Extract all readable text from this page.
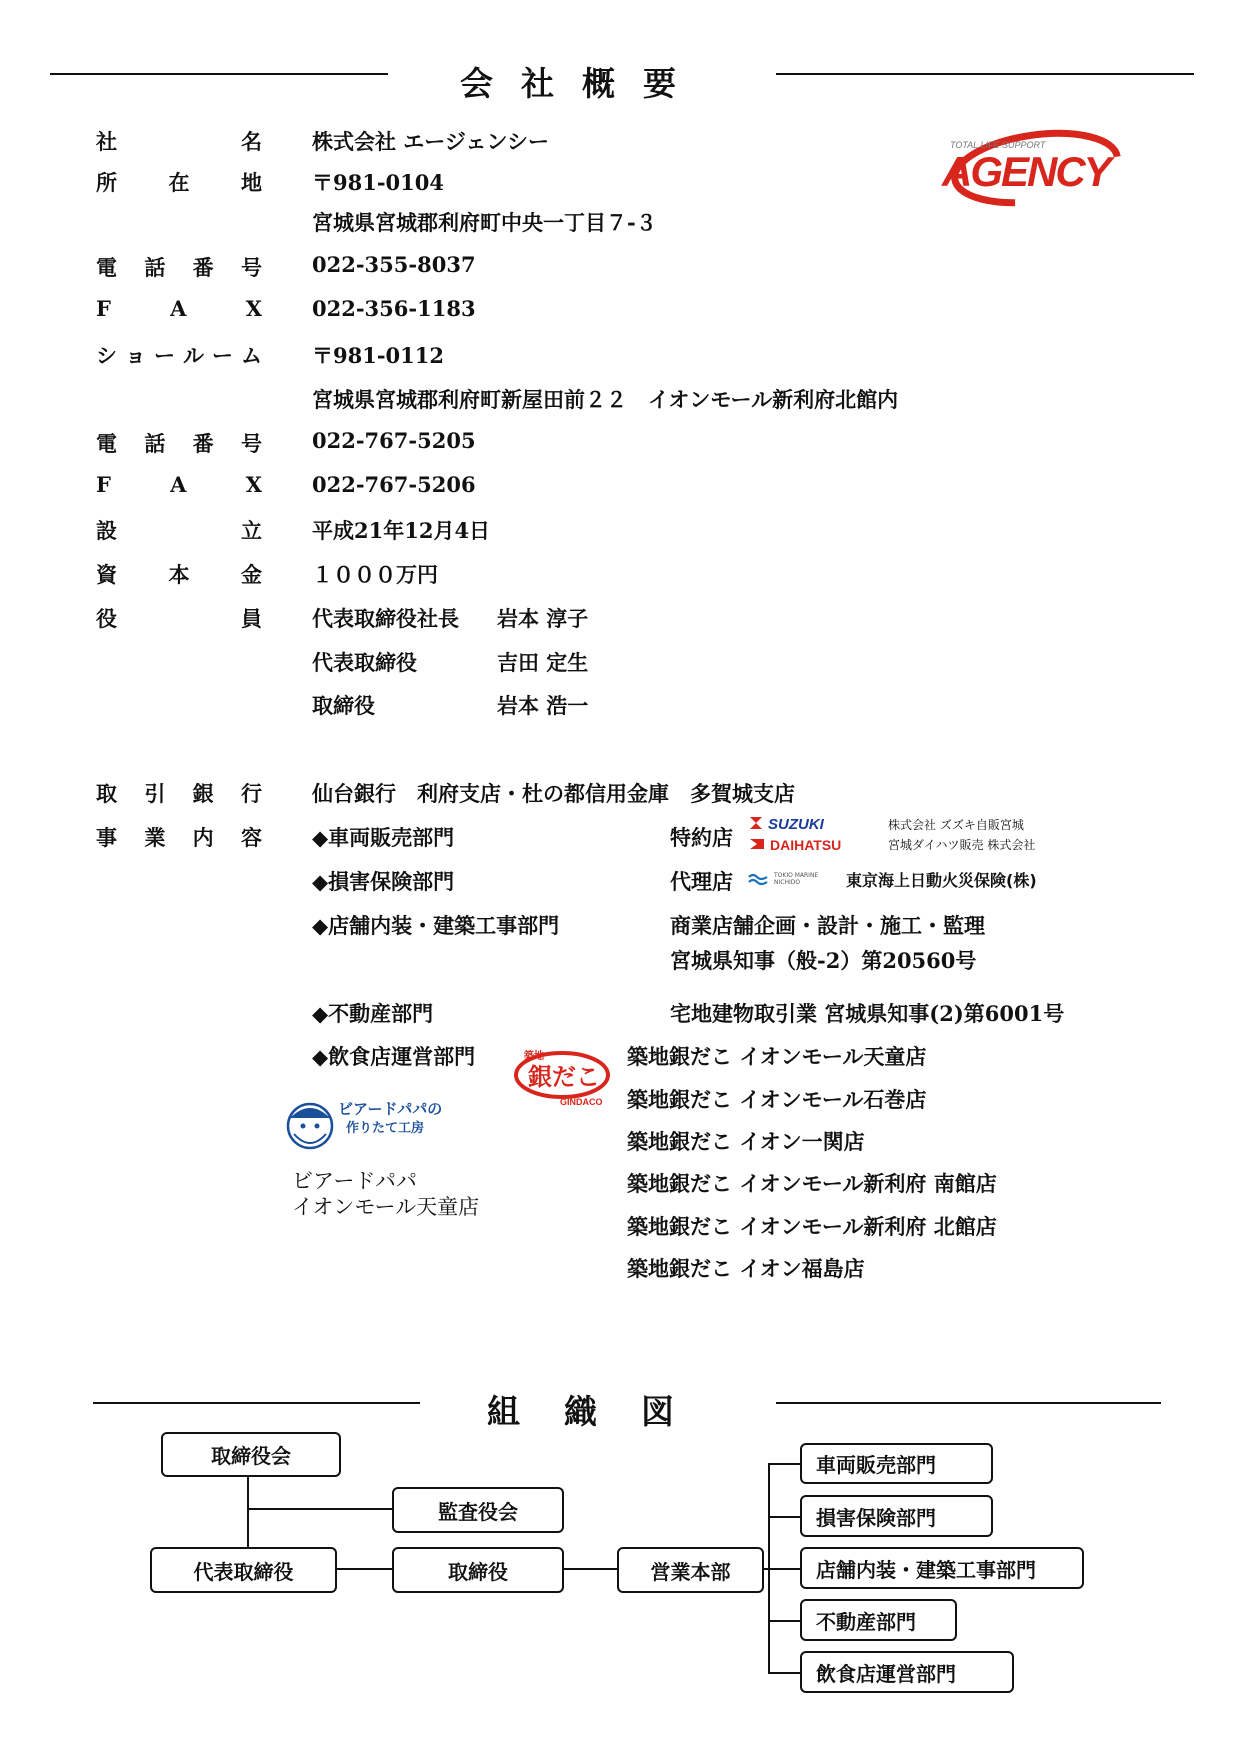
会社概要
TOTAL LIFE SUPPORT
AGENCY
社	名 株式会社 エージェンシー
所 在 地 〒981-0104
宮城県宮城郡利府町中央一丁目７-３
電 話 番 号 022-355-8037
F	A	X 022-356-1183
シ ョ ー ル ー ム 〒981-0112
宮城県宮城郡利府町新屋田前２２　イオンモール新利府北館内
電 話 番 号 022-767-5205
F	A	X 022-767-5206
設	立 平成21年12月4日
資 本 金 １０００万円
役	員 代表取締役社長 岩本 淳子
代表取締役	吉田 定生
取締役	岩本 浩一
取 引 銀 行 仙台銀行　利府支店・杜の都信用金庫　多賀城支店
事 業 内 容 ◆車両販売部門	特約店
SUZUKI	株式会社 ズズキ自販宮城
DAIHATSU	宮城ダイハツ販売 株式会社
◆損害保険部門	代理店	TOKIO MARINE NICHIDO	東京海上日動火災保険(株)
◆店舗内装・建築工事部門	商業店舗企画・設計・施工・監理
宮城県知事（般-2）第20560号
◆不動産部門	宅地建物取引業 宮城県知事(2)第6001号
◆飲食店運営部門	築地
銀だこ
GINDACO
ビアードパパの
作りたて工房
ビアードパパ
イオンモール天童店
築地銀だこ イオンモール天童店
築地銀だこ イオンモール石巻店
築地銀だこ イオン一関店
築地銀だこ イオンモール新利府 南館店
築地銀だこ イオンモール新利府 北館店
築地銀だこ イオン福島店
組織図
取締役会
監査役会
代表取締役	取締役	営業本部
車両販売部門
損害保険部門
店舗内装・建築工事部門
不動産部門
飲食店運営部門
